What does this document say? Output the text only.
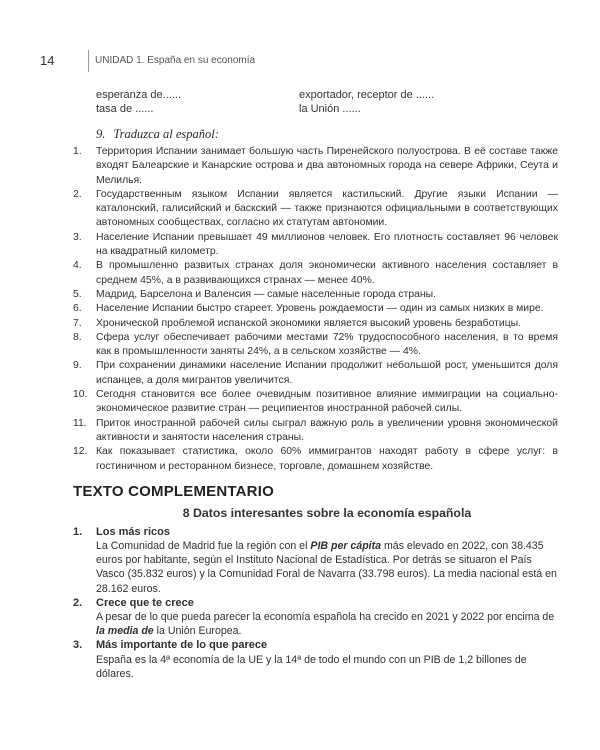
14	UNIDAD 1. España en su economía
esperanza de......	exportador, receptor de ......
tasa de ......	la Unión ......
9. Traduzca al español:
1.	Территория Испании занимает большую часть Пиренейского полуострова. В её составе также входят Балеарские и Канарские острова и два автономных города на севере Африки, Сеута и Мелилья.
2.	Государственным языком Испании является кастильский. Другие языки Испании — каталонский, галисийский и баскский — также признаются официальными в соответствующих автономных сообществах, согласно их статутам автономии.
3.	Население Испании превышает 49 миллионов человек. Его плотность составляет 96 человек на квадратный километр.
4.	В промышленно развитых странах доля экономически активного населения составляет в среднем 45%, а в развивающихся странах — менее 40%.
5.	Мадрид, Барселона и Валенсия — самые населенные города страны.
6.	Население Испании быстро стареет. Уровень рождаемости — один из самых низких в мире.
7.	Хронической проблемой испанской экономики является высокий уровень безработицы.
8.	Сфера услуг обеспечивает рабочими местами 72% трудоспособного населения, в то время как в промышленности заняты 24%, а в сельском хозяйстве — 4%.
9.	При сохранении динамики население Испании продолжит небольшой рост, уменьшится доля испанцев, а доля мигрантов увеличится.
10. Сегодня становится все более очевидным позитивное влияние иммиграции на социально-экономическое развитие стран — реципиентов иностранной рабочей силы.
11. Приток иностранной рабочей силы сыграл важную роль в увеличении уровня экономической активности и занятости населения страны.
12. Как показывает статистика, около 60% иммигрантов находят работу в сфере услуг: в гостиничном и ресторанном бизнесе, торговле, домашнем хозяйстве.
TEXTO COMPLEMENTARIO
8 Datos interesantes sobre la economía española
1. Los más ricos
La Comunidad de Madrid fue la región con el PIB per cápita más elevado en 2022, con 38.435 euros por habitante, según el Instituto Nacional de Estadística. Por detrás se situaron el País Vasco (35.832 euros) y la Comunidad Foral de Navarra (33.798 euros). La media nacional está en 28.162 euros.
2. Crece que te crece
A pesar de lo que pueda parecer la economía española ha crecido en 2021 y 2022 por encima de la media de la Unión Europea.
3. Más importante de lo que parece
España es la 4ª economía de la UE y la 14ª de todo el mundo con un PIB de 1,2 billones de dólares.
